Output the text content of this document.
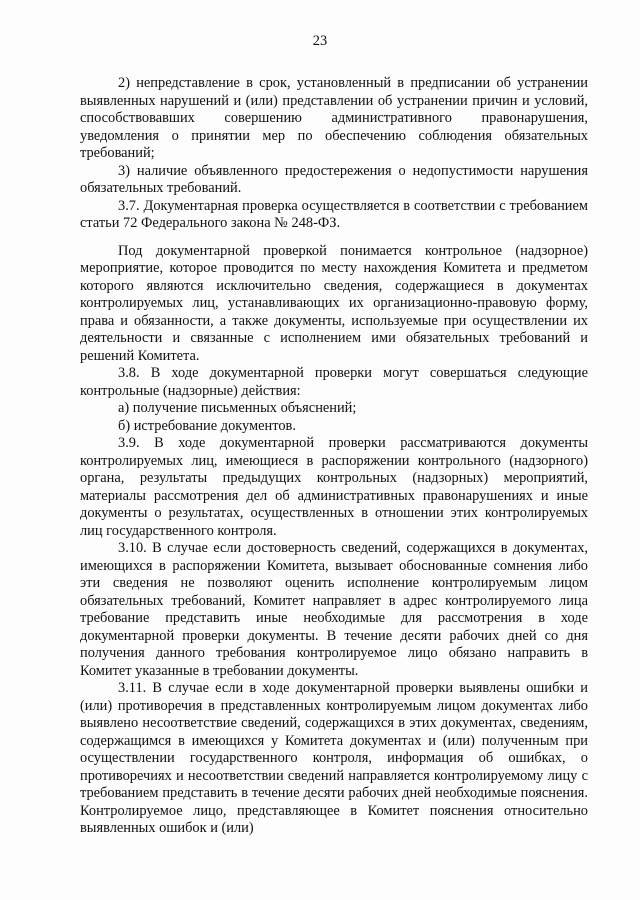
23

2) непредставление в срок, установленный в предписании об устранении выявленных нарушений и (или) представлении об устранении причин и условий, способствовавших совершению административного правонарушения, уведомления о принятии мер по обеспечению соблюдения обязательных требований;

3) наличие объявленного предостережения о недопустимости нарушения обязательных требований.

3.7. Документарная проверка осуществляется в соответствии с требованием статьи 72 Федерального закона № 248-ФЗ.

Под документарной проверкой понимается контрольное (надзорное) мероприятие, которое проводится по месту нахождения Комитета и предметом которого являются исключительно сведения, содержащиеся в документах контролируемых лиц, устанавливающих их организационно-правовую форму, права и обязанности, а также документы, используемые при осуществлении их деятельности и связанные с исполнением ими обязательных требований и решений Комитета.

3.8. В ходе документарной проверки могут совершаться следующие контрольные (надзорные) действия:

а) получение письменных объяснений;

б) истребование документов.

3.9. В ходе документарной проверки рассматриваются документы контролируемых лиц, имеющиеся в распоряжении контрольного (надзорного) органа, результаты предыдущих контрольных (надзорных) мероприятий, материалы рассмотрения дел об административных правонарушениях и иные документы о результатах, осуществленных в отношении этих контролируемых лиц государственного контроля.

3.10. В случае если достоверность сведений, содержащихся в документах, имеющихся в распоряжении Комитета, вызывает обоснованные сомнения либо эти сведения не позволяют оценить исполнение контролируемым лицом обязательных требований, Комитет направляет в адрес контролируемого лица требование представить иные необходимые для рассмотрения в ходе документарной проверки документы. В течение десяти рабочих дней со дня получения данного требования контролируемое лицо обязано направить в Комитет указанные в требовании документы.

3.11. В случае если в ходе документарной проверки выявлены ошибки и (или) противоречия в представленных контролируемым лицом документах либо выявлено несоответствие сведений, содержащихся в этих документах, сведениям, содержащимся в имеющихся у Комитета документах и (или) полученным при осуществлении государственного контроля, информация об ошибках, о противоречиях и несоответствии сведений направляется контролируемому лицу с требованием представить в течение десяти рабочих дней необходимые пояснения. Контролируемое лицо, представляющее в Комитет пояснения относительно выявленных ошибок и (или)
